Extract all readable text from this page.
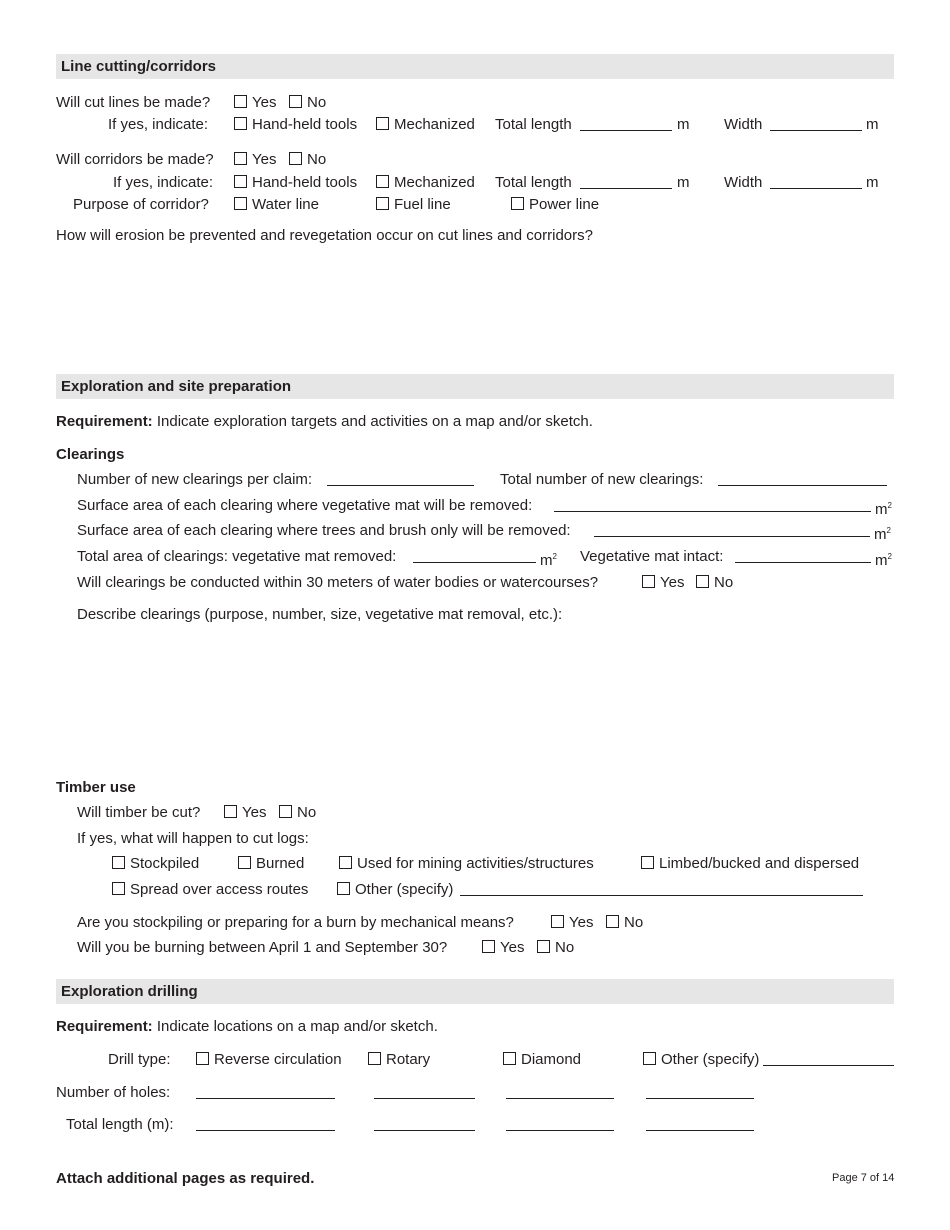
Line cutting/corridors
Will cut lines be made?	Yes	No
If yes, indicate:	Hand-held tools	Mechanized Total length	m Width	m
Will corridors be made?	Yes	No
If yes, indicate:	Hand-held tools	Mechanized Total length	m Width	m
Purpose of corridor?	Water line	Fuel line	Power line
How will erosion be prevented and revegetation occur on cut lines and corridors?
Exploration and site preparation
Requirement: Indicate exploration targets and activities on a map and/or sketch.
Clearings
Number of new clearings per claim:	Total number of new clearings:
Surface area of each clearing where vegetative mat will be removed:	$m^2$
Surface area of each clearing where trees and brush only will be removed:	$m^2$
Total area of clearings: vegetative mat removed:	$m^2$ Vegetative mat intact:	$m^2$
Will clearings be conducted within 30 meters of water bodies or watercourses?	Yes	No
Describe clearings (purpose, number, size, vegetative mat removal, etc.):
Timber use
Will timber be cut?	Yes	No
If yes, what will happen to cut logs:
Stockpiled	Burned	Used for mining activities/structures	Limbed/bucked and dispersed
Spread over access routes	Other (specify)
Are you stockpiling or preparing for a burn by mechanical means?	Yes	No
Will you be burning between April 1 and September 30?	Yes	No
Exploration drilling
Requirement: Indicate locations on a map and/or sketch.
Drill type:	Reverse circulation	Rotary	Diamond	Other (specify)
Number of holes:
Total length (m):
Attach additional pages as required.	Page 7 of 14
